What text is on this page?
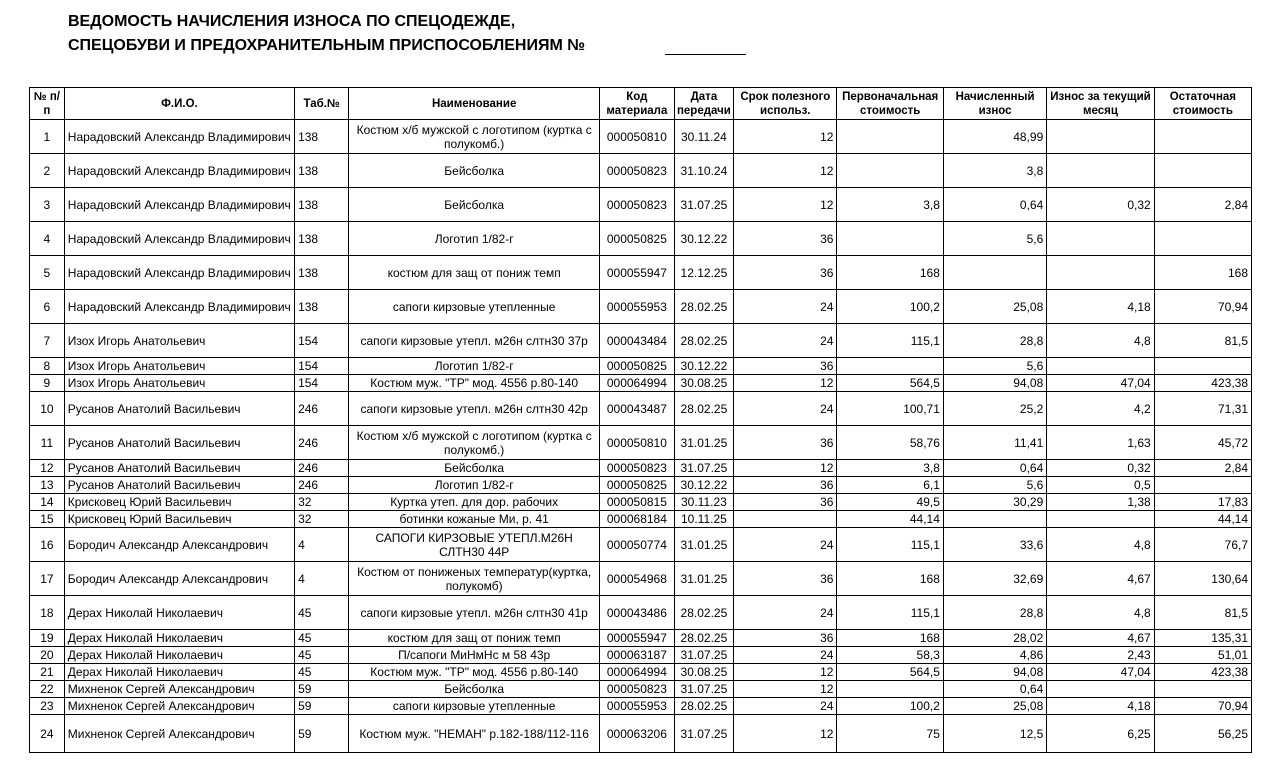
ВЕДОМОСТЬ НАЧИСЛЕНИЯ ИЗНОСА ПО СПЕЦОДЕЖДЕ,
СПЕЦОБУВИ И ПРЕДОХРАНИТЕЛЬНЫМ ПРИСПОСОБЛЕНИЯМ №
№ п/п	Ф.И.О.	Таб.№	Наименование	Код материала	Дата передачи	Срок полезного использ.	Первоначальная стоимость	Начисленный износ	Износ за текущий месяц	Остаточная стоимость
1	Нарадовский Александр Владимирович	138	Костюм х/б мужской с логотипом (куртка с полукомб.)	000050810	30.11.24	12		48,99		
2	Нарадовский Александр Владимирович	138	Бейсболка	000050823	31.10.24	12		3,8		
3	Нарадовский Александр Владимирович	138	Бейсболка	000050823	31.07.25	12	3,8	0,64	0,32	2,84
4	Нарадовский Александр Владимирович	138	Логотип 1/82-г	000050825	30.12.22	36		5,6		
5	Нарадовский Александр Владимирович	138	костюм для защ от пониж темп	000055947	12.12.25	36	168			168
6	Нарадовский Александр Владимирович	138	сапоги кирзовые утепленные	000055953	28.02.25	24	100,2	25,08	4,18	70,94
7	Изох Игорь Анатольевич	154	сапоги кирзовые утепл. м26н слтн30 37р	000043484	28.02.25	24	115,1	28,8	4,8	81,5
8	Изох Игорь Анатольевич	154	Логотип 1/82-г	000050825	30.12.22	36		5,6		
9	Изох Игорь Анатольевич	154	Костюм муж. "ТР" мод. 4556 р.80-140	000064994	30.08.25	12	564,5	94,08	47,04	423,38
10	Русанов Анатолий Васильевич	246	сапоги кирзовые утепл. м26н слтн30 42р	000043487	28.02.25	24	100,71	25,2	4,2	71,31
11	Русанов Анатолий Васильевич	246	Костюм х/б мужской с логотипом (куртка с полукомб.)	000050810	31.01.25	36	58,76	11,41	1,63	45,72
12	Русанов Анатолий Васильевич	246	Бейсболка	000050823	31.07.25	12	3,8	0,64	0,32	2,84
13	Русанов Анатолий Васильевич	246	Логотип 1/82-г	000050825	30.12.22	36	6,1	5,6	0,5	
14	Крисковец Юрий Васильевич	32	Куртка утеп. для дор. рабочих	000050815	30.11.23	36	49,5	30,29	1,38	17,83
15	Крисковец Юрий Васильевич	32	ботинки кожаные Ми, р. 41	000068184	10.11.25		44,14			44,14
16	Бородич Александр Александрович	4	САПОГИ КИРЗОВЫЕ УТЕПЛ.М26Н СЛТН30 44Р	000050774	31.01.25	24	115,1	33,6	4,8	76,7
17	Бородич Александр Александрович	4	Костюм от пониженых температур(куртка, полукомб)	000054968	31.01.25	36	168	32,69	4,67	130,64
18	Дерах Николай Николаевич	45	сапоги кирзовые утепл. м26н слтн30 41р	000043486	28.02.25	24	115,1	28,8	4,8	81,5
19	Дерах Николай Николаевич	45	костюм для защ от пониж темп	000055947	28.02.25	36	168	28,02	4,67	135,31
20	Дерах Николай Николаевич	45	П/сапоги МиНмНс м 58 43р	000063187	31.07.25	24	58,3	4,86	2,43	51,01
21	Дерах Николай Николаевич	45	Костюм муж. "ТР" мод. 4556 р.80-140	000064994	30.08.25	12	564,5	94,08	47,04	423,38
22	Михненок Сергей Александрович	59	Бейсболка	000050823	31.07.25	12		0,64		
23	Михненок Сергей Александрович	59	сапоги кирзовые утепленные	000055953	28.02.25	24	100,2	25,08	4,18	70,94
24	Михненок Сергей Александрович	59	Костюм муж. "НЕМАН" р.182-188/112-116	000063206	31.07.25	12	75	12,5	6,25	56,25
